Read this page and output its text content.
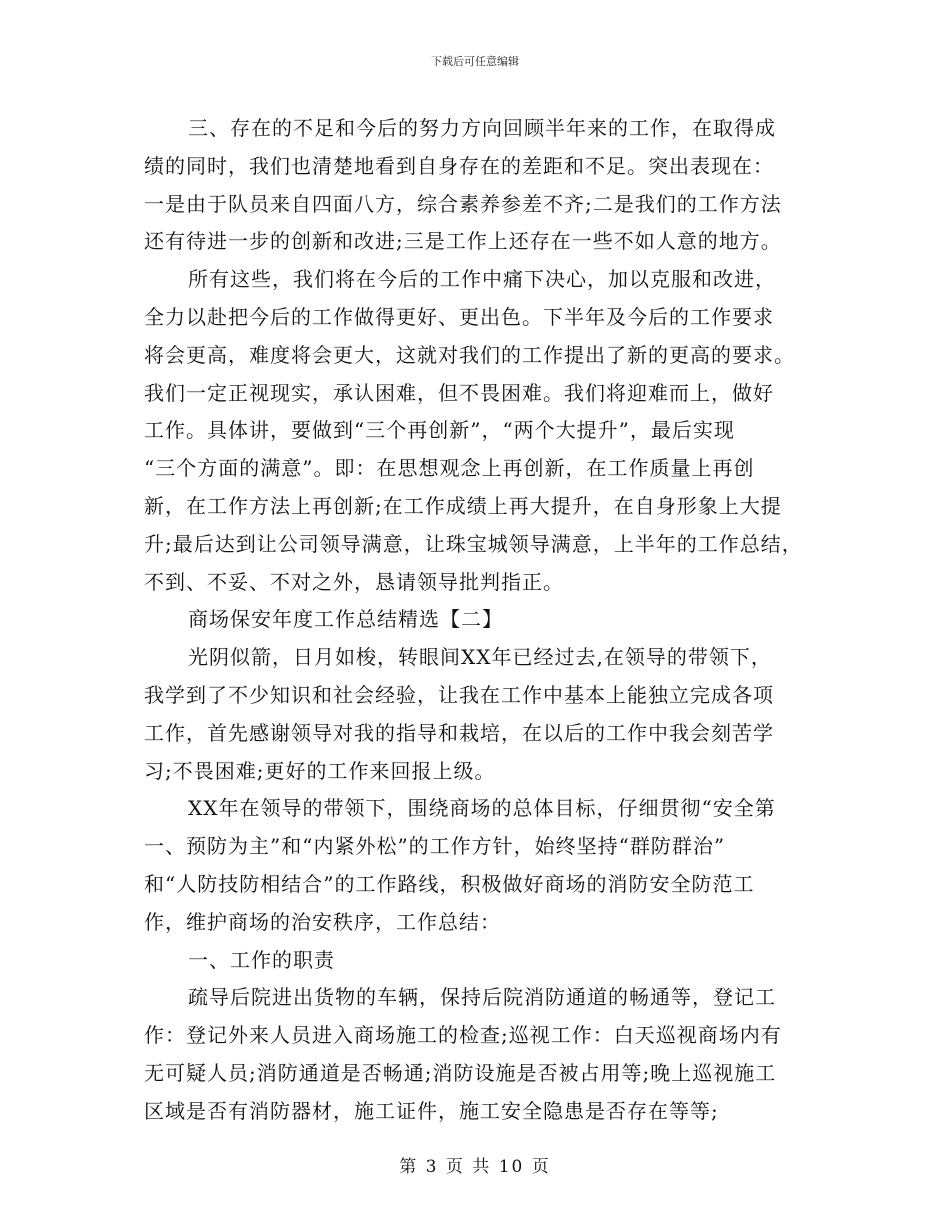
下载后可任意编辑
三、存在的不足和今后的努力方向回顾半年来的工作，在取得成
绩的同时，我们也清楚地看到自身存在的差距和不足。突出表现在：
一是由于队员来自四面八方，综合素养参差不齐;二是我们的工作方法
还有待进一步的创新和改进;三是工作上还存在一些不如人意的地方。
所有这些，我们将在今后的工作中痛下决心，加以克服和改进，
全力以赴把今后的工作做得更好、更出色。下半年及今后的工作要求
将会更高，难度将会更大，这就对我们的工作提出了新的更高的要求。
我们一定正视现实，承认困难，但不畏困难。我们将迎难而上，做好
工作。具体讲，要做到“三个再创新”，“两个大提升”，最后实现
“三个方面的满意”。即：在思想观念上再创新，在工作质量上再创
新，在工作方法上再创新;在工作成绩上再大提升，在自身形象上大提
升;最后达到让公司领导满意，让珠宝城领导满意，上半年的工作总结，
不到、不妥、不对之外，恳请领导批判指正。
商场保安年度工作总结精选【二】
光阴似箭，日月如梭，转眼间XX年已经过去,在领导的带领下，
我学到了不少知识和社会经验，让我在工作中基本上能独立完成各项
工作，首先感谢领导对我的指导和栽培，在以后的工作中我会刻苦学
习;不畏困难;更好的工作来回报上级。
XX年在领导的带领下，围绕商场的总体目标，仔细贯彻“安全第
一、预防为主”和“内紧外松”的工作方针，始终坚持“群防群治”
和“人防技防相结合”的工作路线，积极做好商场的消防安全防范工
作，维护商场的治安秩序，工作总结：
一、工作的职责
疏导后院进出货物的车辆，保持后院消防通道的畅通等，登记工
作：登记外来人员进入商场施工的检查;巡视工作：白天巡视商场内有
无可疑人员;消防通道是否畅通;消防设施是否被占用等;晚上巡视施工
区域是否有消防器材，施工证件，施工安全隐患是否存在等等;
第 3 页 共 10 页
